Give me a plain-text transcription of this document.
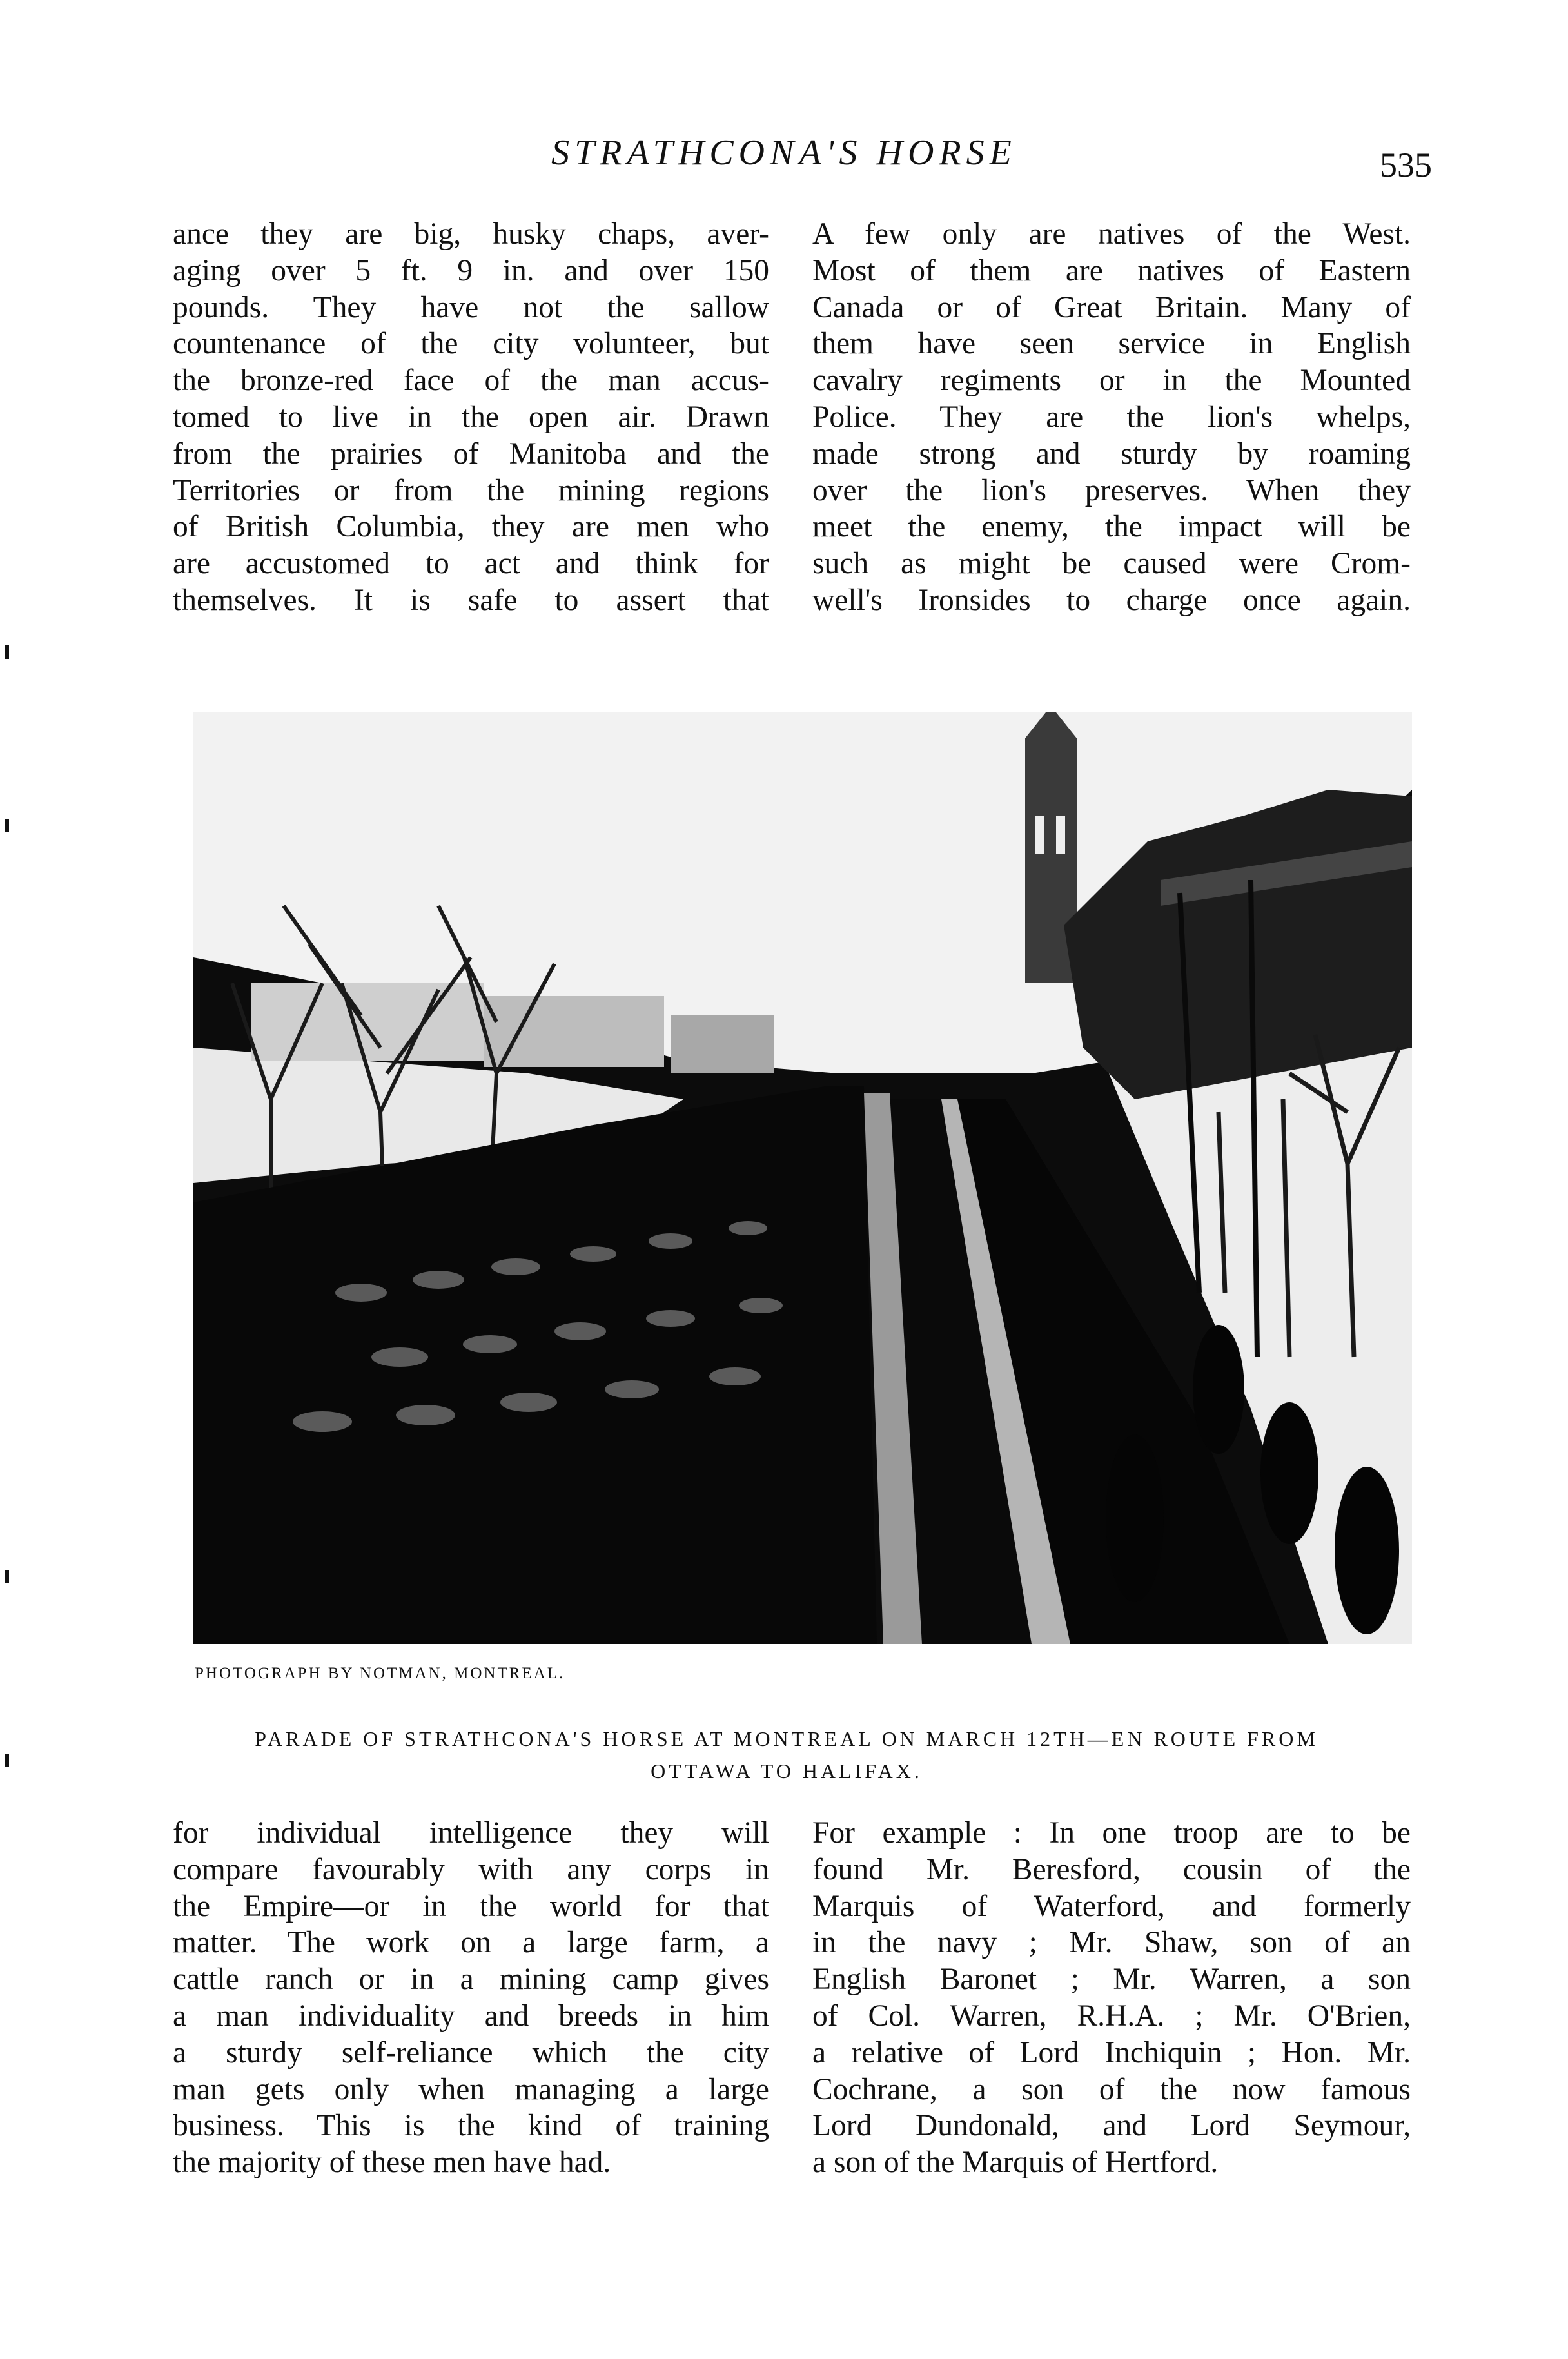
STRATHCONA'S HORSE	535
ance they are big, husky chaps, aver-
aging over 5 ft. 9 in. and over 150
pounds. They have not the sallow
countenance of the city volunteer, but
the bronze-red face of the man accus-
tomed to live in the open air. Drawn
from the prairies of Manitoba and the
Territories or from the mining regions
of British Columbia, they are men who
are accustomed to act and think for
themselves. It is safe to assert that
A few only are natives of the West.
Most of them are natives of Eastern
Canada or of Great Britain. Many of
them have seen service in English
cavalry regiments or in the Mounted
Police. They are the lion's whelps,
made strong and sturdy by roaming
over the lion's preserves. When they
meet the enemy, the impact will be
such as might be caused were Crom-
well's Ironsides to charge once again.
PHOTOGRAPH BY NOTMAN, MONTREAL.
PARADE OF STRATHCONA'S HORSE AT MONTREAL ON MARCH 12TH—EN ROUTE FROM
OTTAWA TO HALIFAX.
for individual intelligence they will
compare favourably with any corps in
the Empire—or in the world for that
matter. The work on a large farm, a
cattle ranch or in a mining camp gives
a man individuality and breeds in him
a sturdy self-reliance which the city
man gets only when managing a large
business. This is the kind of training
the majority of these men have had.
For example : In one troop are to be
found Mr. Beresford, cousin of the
Marquis of Waterford, and formerly
in the navy ; Mr. Shaw, son of an
English Baronet ; Mr. Warren, a son
of Col. Warren, R.H.A. ; Mr. O'Brien,
a relative of Lord Inchiquin ; Hon. Mr.
Cochrane, a son of the now famous
Lord Dundonald, and Lord Seymour,
a son of the Marquis of Hertford.
